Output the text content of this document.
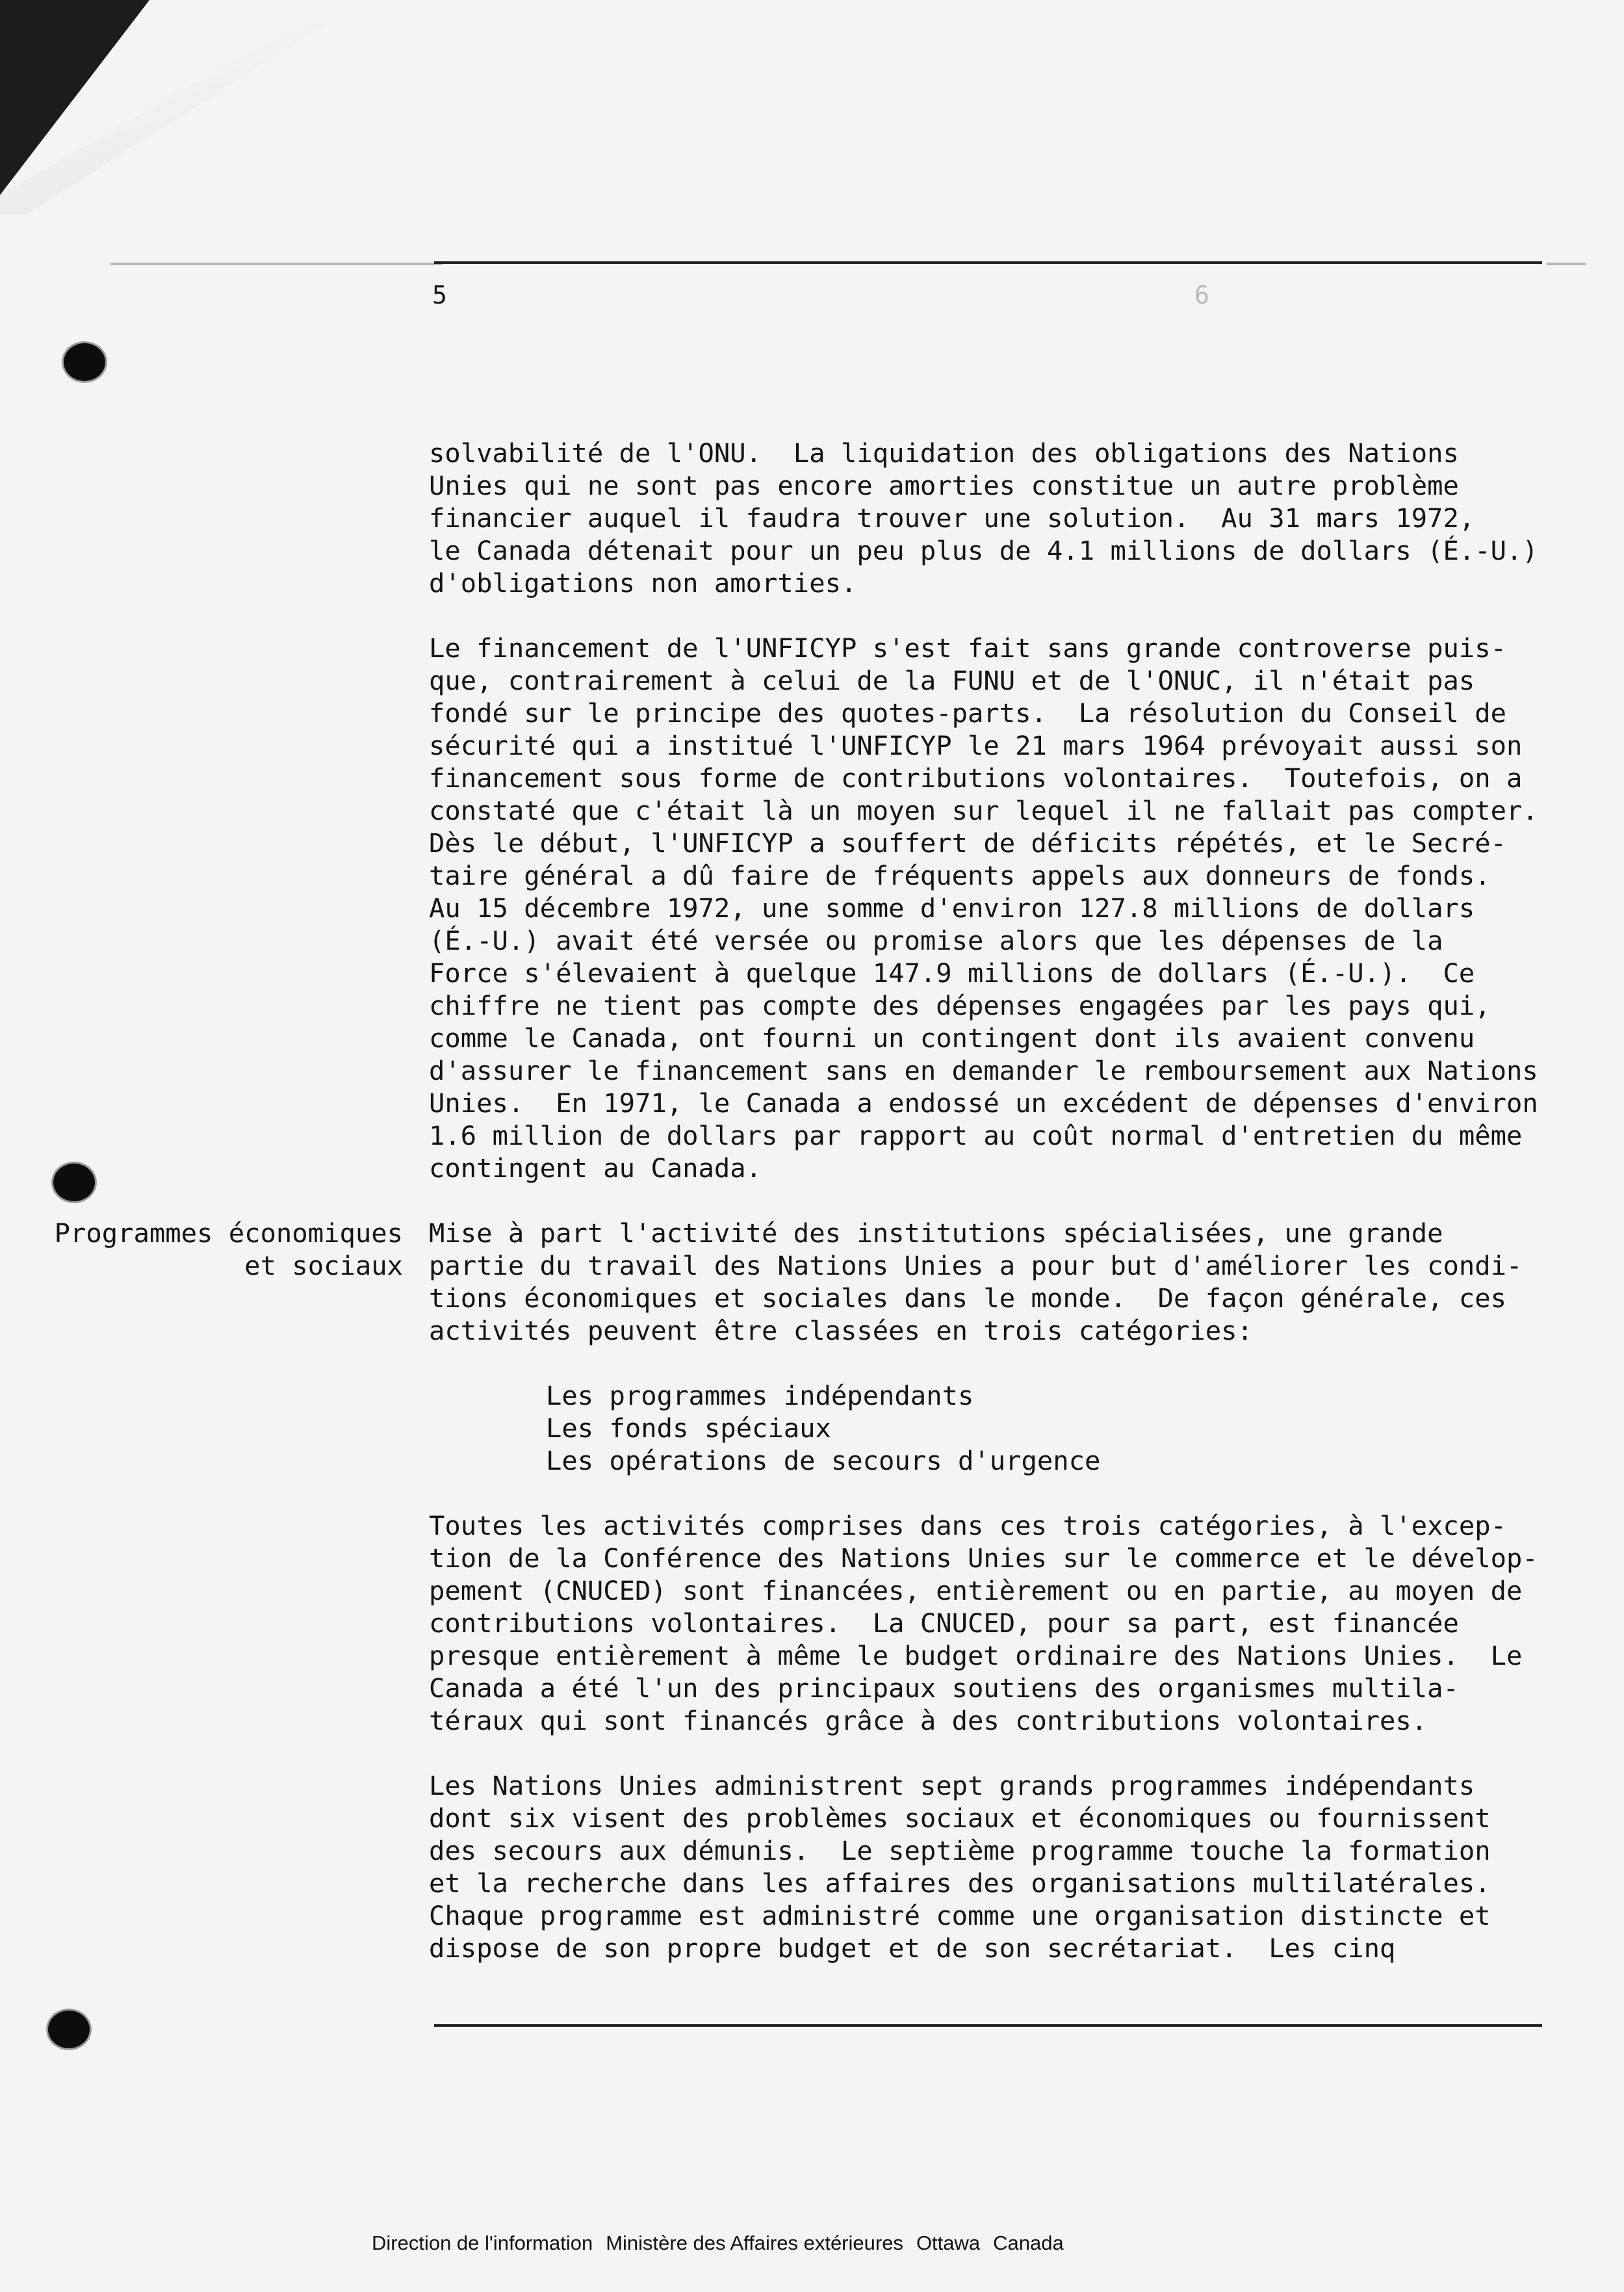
6
5
Programmes économiques
et sociaux

solvabilité de l'ONU.  La liquidation des obligations des Nations
Unies qui ne sont pas encore amorties constitue un autre problème
financier auquel il faudra trouver une solution.  Au 31 mars 1972,
le Canada détenait pour un peu plus de 4.1 millions de dollars (É.-U.)
d'obligations non amorties.

Le financement de l'UNFICYP s'est fait sans grande controverse puis-
que, contrairement à celui de la FUNU et de l'ONUC, il n'était pas
fondé sur le principe des quotes-parts.  La résolution du Conseil de
sécurité qui a institué l'UNFICYP le 21 mars 1964 prévoyait aussi son
financement sous forme de contributions volontaires.  Toutefois, on a
constaté que c'était là un moyen sur lequel il ne fallait pas compter.
Dès le début, l'UNFICYP a souffert de déficits répétés, et le Secré-
taire général a dû faire de fréquents appels aux donneurs de fonds.
Au 15 décembre 1972, une somme d'environ 127.8 millions de dollars
(É.-U.) avait été versée ou promise alors que les dépenses de la
Force s'élevaient à quelque 147.9 millions de dollars (É.-U.).  Ce
chiffre ne tient pas compte des dépenses engagées par les pays qui,
comme le Canada, ont fourni un contingent dont ils avaient convenu
d'assurer le financement sans en demander le remboursement aux Nations
Unies.  En 1971, le Canada a endossé un excédent de dépenses d'environ
1.6 million de dollars par rapport au coût normal d'entretien du même
contingent au Canada.

Mise à part l'activité des institutions spécialisées, une grande
partie du travail des Nations Unies a pour but d'améliorer les condi-
tions économiques et sociales dans le monde.  De façon générale, ces
activités peuvent être classées en trois catégories:

Les programmes indépendants
Les fonds spéciaux
Les opérations de secours d'urgence

Toutes les activités comprises dans ces trois catégories, à l'excep-
tion de la Conférence des Nations Unies sur le commerce et le dévelop-
pement (CNUCED) sont financées, entièrement ou en partie, au moyen de
contributions volontaires.  La CNUCED, pour sa part, est financée
presque entièrement à même le budget ordinaire des Nations Unies.  Le
Canada a été l'un des principaux soutiens des organismes multila-
téraux qui sont financés grâce à des contributions volontaires.

Les Nations Unies administrent sept grands programmes indépendants
dont six visent des problèmes sociaux et économiques ou fournissent
des secours aux démunis.  Le septième programme touche la formation
et la recherche dans les affaires des organisations multilatérales.
Chaque programme est administré comme une organisation distincte et
dispose de son propre budget et de son secrétariat.  Les cinq

Direction de l'information Ministère des Affaires extérieures Ottawa Canada
